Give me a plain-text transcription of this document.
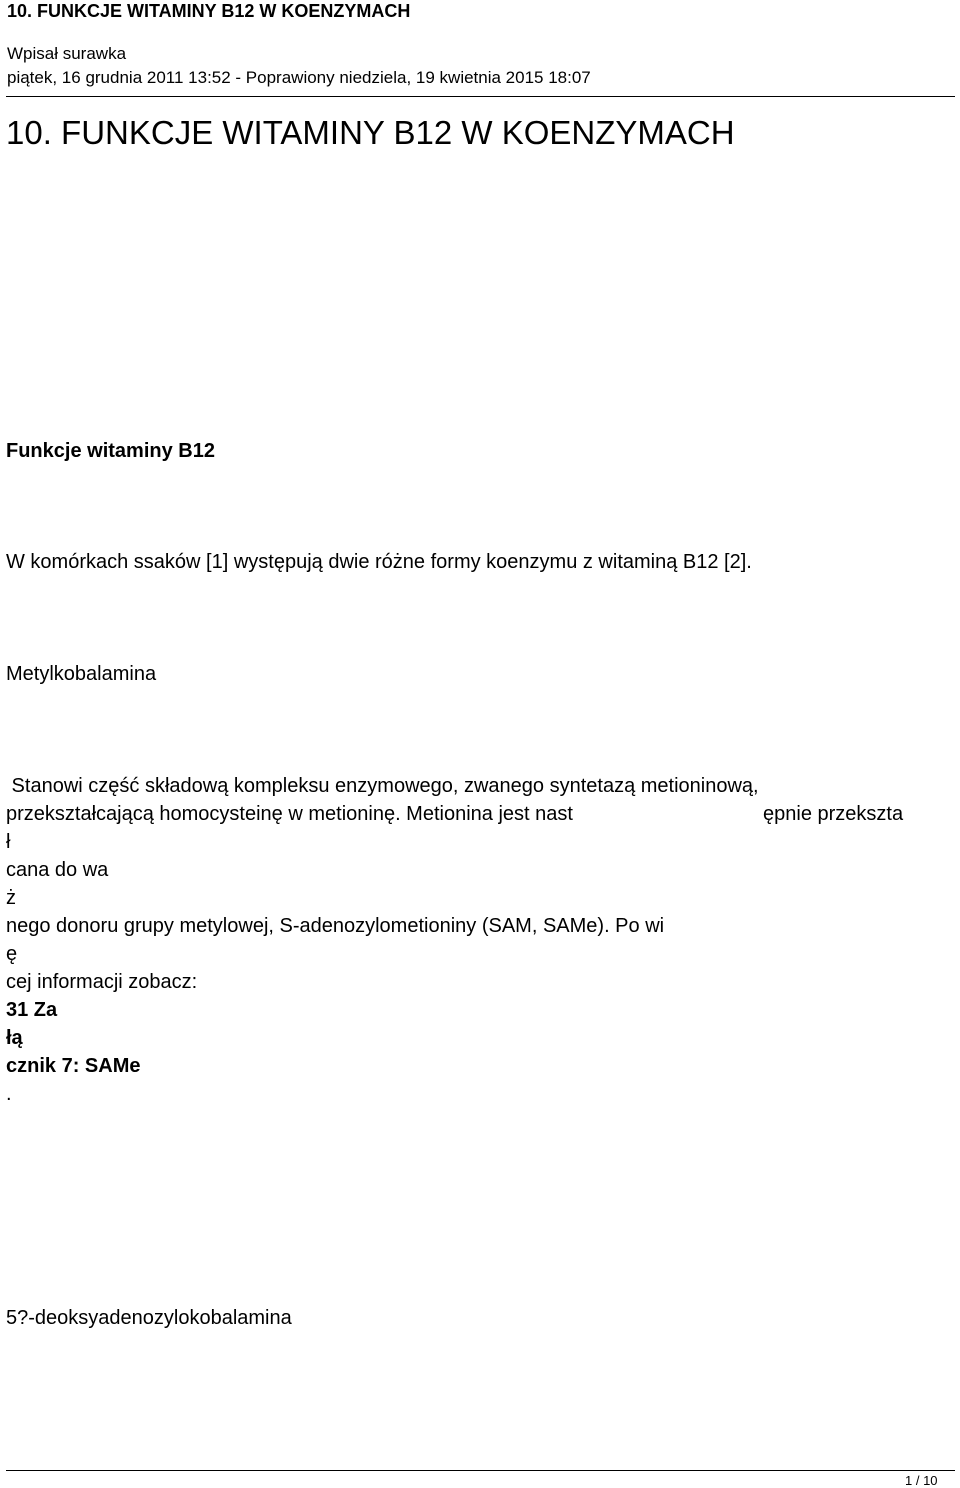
10. FUNKCJE WITAMINY B12 W KOENZYMACH
Wpisał surawka
piątek, 16 grudnia 2011 13:52 - Poprawiony niedziela, 19 kwietnia 2015 18:07
10. FUNKCJE WITAMINY B12 W KOENZYMACH
Funkcje witaminy B12
W komórkach ssaków [1] występują dwie różne formy koenzymu z witaminą B12 [2].
Metylkobalamina
Stanowi część składową kompleksu enzymowego, zwanego syntetazą metioninową,
przekształcającą homocysteinę w metioninę. Metionina jest nast	ępnie przekszta
ł
cana do wa
ż
nego donoru grupy metylowej, S-adenozylometioniny (SAM, SAMe). Po wi
ę
cej informacji zobacz:
31 Za
łą
cznik 7: SAMe
.
5?-deoksyadenozylokobalamina
1 / 10
